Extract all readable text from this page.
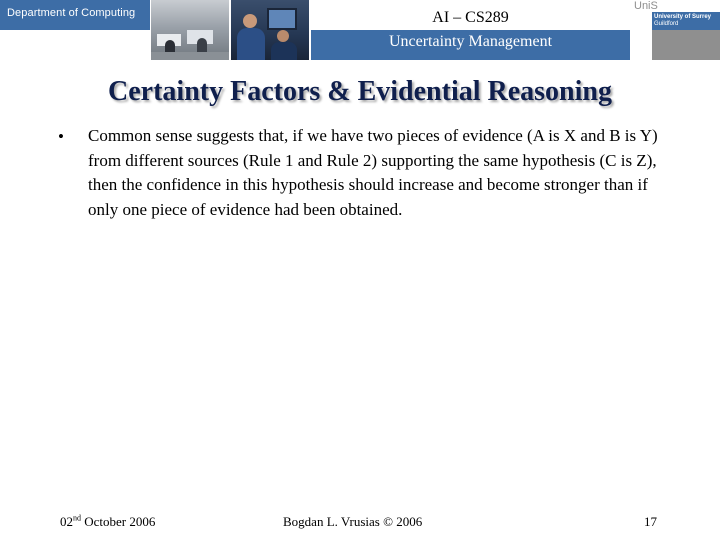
Department of Computing	AI – CS289
Uncertainty Management
UniS
University of Surrey
Guildford
Certainty Factors & Evidential Reasoning
• Common sense suggests that, if we have two pieces of evidence (A is X and B is Y) from different sources (Rule 1 and Rule 2) supporting the same hypothesis (C is Z), then the confidence in this hypothesis should increase and become stronger than if only one piece of evidence had been obtained.
02nd October 2006	Bogdan L. Vrusias © 2006	17
